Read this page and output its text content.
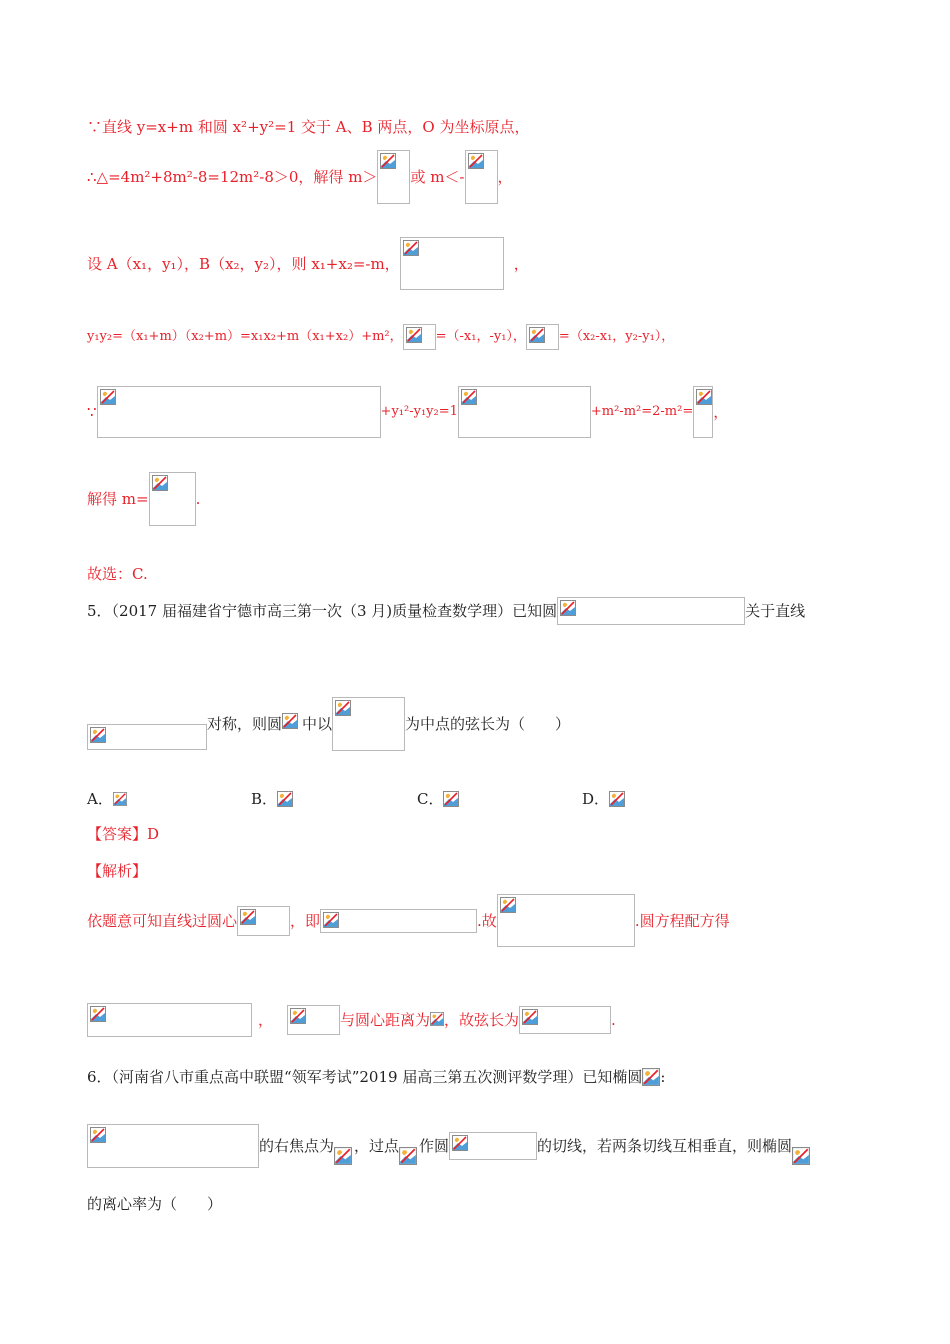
∵直线 y=x+m 和圆 x²+y²=1 交于 A、B 两点，O 为坐标原点，
∴△=4m²+8m²-8=12m²-8＞0，解得 m＞ 或 m＜- ，
设 A（x₁，y₁），B（x₂，y₂），则 x₁+x₂=-m，	，
y₁y₂=（x₁+m）（x₂+m）=x₁x₂+m（x₁+x₂）+m²，	=（-x₁，-y₁），	=（x₂-x₁，y₂-y₁），
∵	+y₁²-y₁y₂=1	+m²-m²=2-m²= ，
解得 m=	.
故选：C.
5．（2017 届福建省宁德市高三第一次（3 月)质量检查数学理）已知圆	关于直线
对称，则圆 中以	为中点的弦长为（　　）
A．	B．	C．	D．
【答案】D
【解析】
依题意可知直线过圆心	，即	.故	.圆方程配方得
，	与圆心距离为 ，故弦长为	.
6．（河南省八市重点高中联盟“领军考试”2019 届高三第五次测评数学理）已知椭圆 :
的右焦点为 ，过点 作圆	的切线，若两条切线互相垂直，则椭圆
的离心率为（　　）
